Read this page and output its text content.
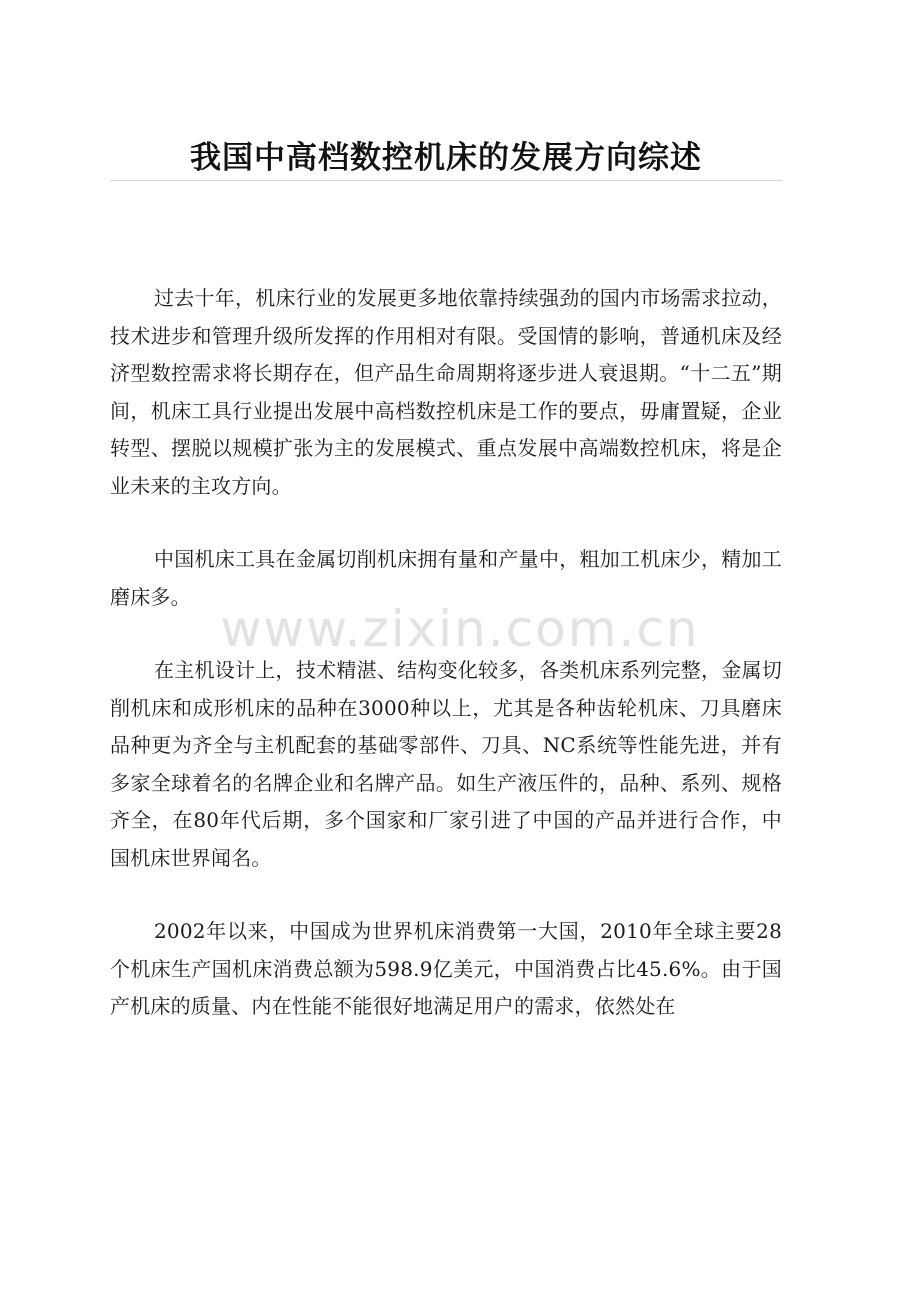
我国中高档数控机床的发展方向综述

过去十年，机床行业的发展更多地依靠持续强劲的国内市场需求拉动，技术进步和管理升级所发挥的作用相对有限。受国情的影响，普通机床及经济型数控需求将长期存在，但产品生命周期将逐步进人衰退期。“十二五”期间，机床工具行业提出发展中高档数控机床是工作的要点，毋庸置疑，企业转型、摆脱以规模扩张为主的发展模式、重点发展中高端数控机床，将是企业未来的主攻方向。

中国机床工具在金属切削机床拥有量和产量中，粗加工机床少，精加工磨床多。

在主机设计上，技术精湛、结构变化较多，各类机床系列完整，金属切削机床和成形机床的品种在3000种以上，尤其是各种齿轮机床、刀具磨床品种更为齐全与主机配套的基础零部件、刀具、NC系统等性能先进，并有多家全球着名的名牌企业和名牌产品。如生产液压件的，品种、系列、规格齐全，在80年代后期，多个国家和厂家引进了中国的产品并进行合作，中国机床世界闻名。

2002年以来，中国成为世界机床消费第一大国，2010年全球主要28个机床生产国机床消费总额为598.9亿美元，中国消费占比45.6%。由于国产机床的质量、内在性能不能很好地满足用户的需求，依然处在

www.zixin.com.cn
